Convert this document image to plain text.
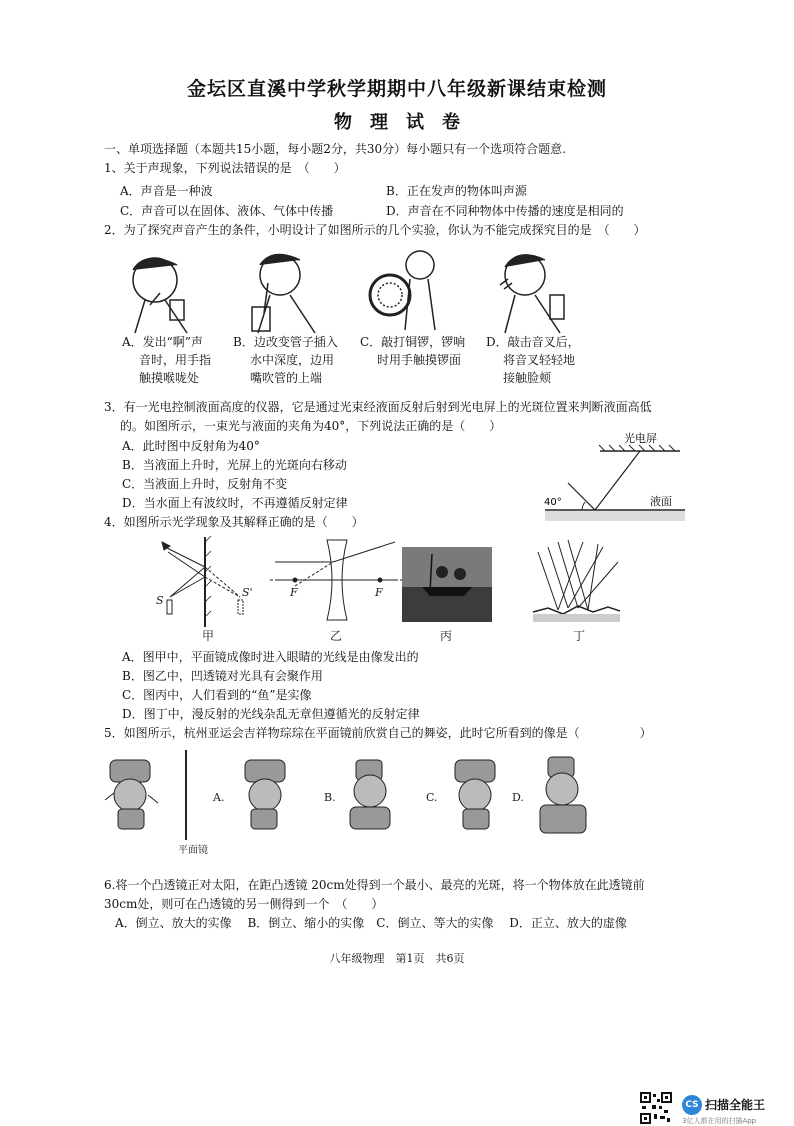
金坛区直溪中学秋学期期中八年级新课结束检测
物理试卷
一、单项选择题（本题共15小题，每小题2分，共30分）每小题只有一个选项符合题意.
1、关于声现象，下列说法错误的是　（　　）
A．声音是一种波	B．正在发声的物体叫声源
C．声音可以在固体、液体、气体中传播	D．声音在不同种物体中传播的速度是相同的
2．为了探究声音产生的条件，小明设计了如图所示的几个实验，你认为不能完成探究目的是　（　　）
A．发出“啊”声
音时，用手指
触摸喉咙处
B．边改变管子插入
水中深度，边用
嘴吹管的上端
C．敲打铜锣，锣响
时用手触摸锣面
D．敲击音叉后，
将音叉轻轻地
接触脸颊
3．有一光电控制液面高度的仪器，它是通过光束经液面反射后射到光电屏上的光斑位置来判断液面高低
的。如图所示，一束光与液面的夹角为40°，下列说法正确的是（　　）
A．此时图中反射角为40°
B．当液面上升时，光屏上的光斑向右移动
C．当液面上升时，反射角不变
D．当水面上有波纹时，不再遵循反射定律
光电屏
40°	液面
4．如图所示光学现象及其解释正确的是（　　）
S
S'
甲
F	F
乙	丙	丁
A．图甲中，平面镜成像时进入眼睛的光线是由像发出的
B．图乙中，凹透镜对光具有会聚作用
C．图丙中，人们看到的“鱼”是实像
D．图丁中，漫反射的光线杂乱无章但遵循光的反射定律
5．如图所示，杭州亚运会吉祥物琮琮在平面镜前欣赏自己的舞姿，此时它所看到的像是（　　　　　）
平面镜
A.	B.	C.	D.
6.将一个凸透镜正对太阳，在距凸透镜 20cm处得到一个最小、最亮的光斑，将一个物体放在此透镜前
30cm处，则可在凸透镜的另一侧得到一个　（　　）
A．倒立、放大的实像　 B．倒立、缩小的实像　C．倒立、等大的实像　 D．正立、放大的虚像
八年级物理　第1页　共6页
CS 扫描全能王
3亿人都在用的扫描App
